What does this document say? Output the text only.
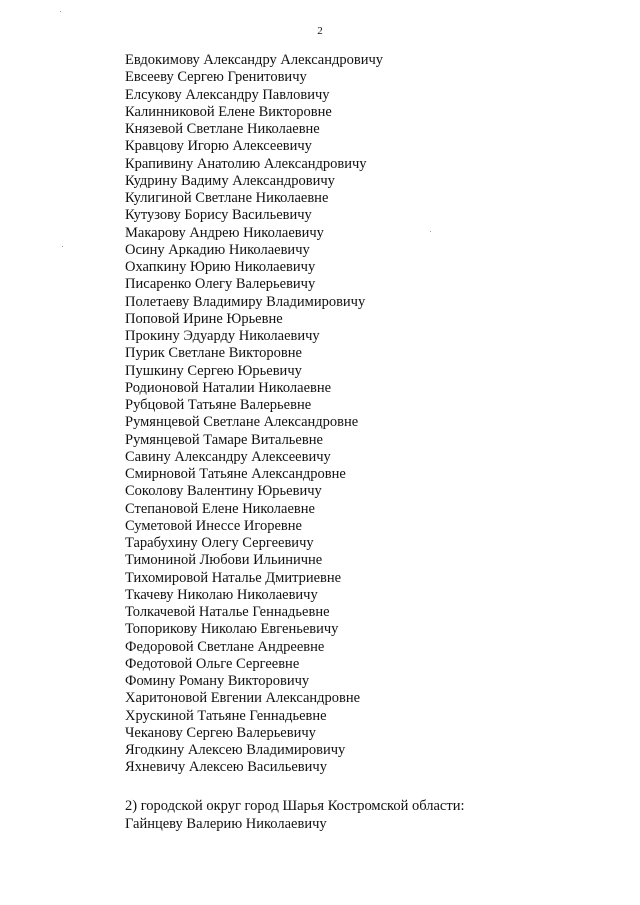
2
Евдокимову Александру Александровичу
Евсееву Сергею Гренитовичу
Елсукову Александру Павловичу
Калинниковой Елене Викторовне
Князевой Светлане Николаевне
Кравцову Игорю Алексеевичу
Крапивину Анатолию Александровичу
Кудрину Вадиму Александровичу
Кулигиной Светлане Николаевне
Кутузову Борису Васильевичу
Макарову Андрею Николаевичу
Осину Аркадию Николаевичу
Охапкину Юрию Николаевичу
Писаренко Олегу Валерьевичу
Полетаеву Владимиру Владимировичу
Поповой Ирине Юрьевне
Прокину Эдуарду Николаевичу
Пурик Светлане Викторовне
Пушкину Сергею Юрьевичу
Родионовой Наталии Николаевне
Рубцовой Татьяне Валерьевне
Румянцевой Светлане Александровне
Румянцевой Тамаре Витальевне
Савину Александру Алексеевичу
Смирновой Татьяне Александровне
Соколову Валентину Юрьевичу
Степановой Елене Николаевне
Суметовой Инессе Игоревне
Тарабухину Олегу Сергеевичу
Тимониной Любови Ильиничне
Тихомировой Наталье Дмитриевне
Ткачеву Николаю Николаевичу
Толкачевой Наталье Геннадьевне
Топорикову Николаю Евгеньевичу
Федоровой Светлане Андреевне
Федотовой Ольге Сергеевне
Фомину Роману Викторовичу
Харитоновой Евгении Александровне
Хрускиной Татьяне Геннадьевне
Чеканову Сергею Валерьевичу
Ягодкину Алексею Владимировичу
Яхневичу Алексею Васильевичу
2) городской округ город Шарья Костромской области:
Гайнцеву Валерию Николаевичу
